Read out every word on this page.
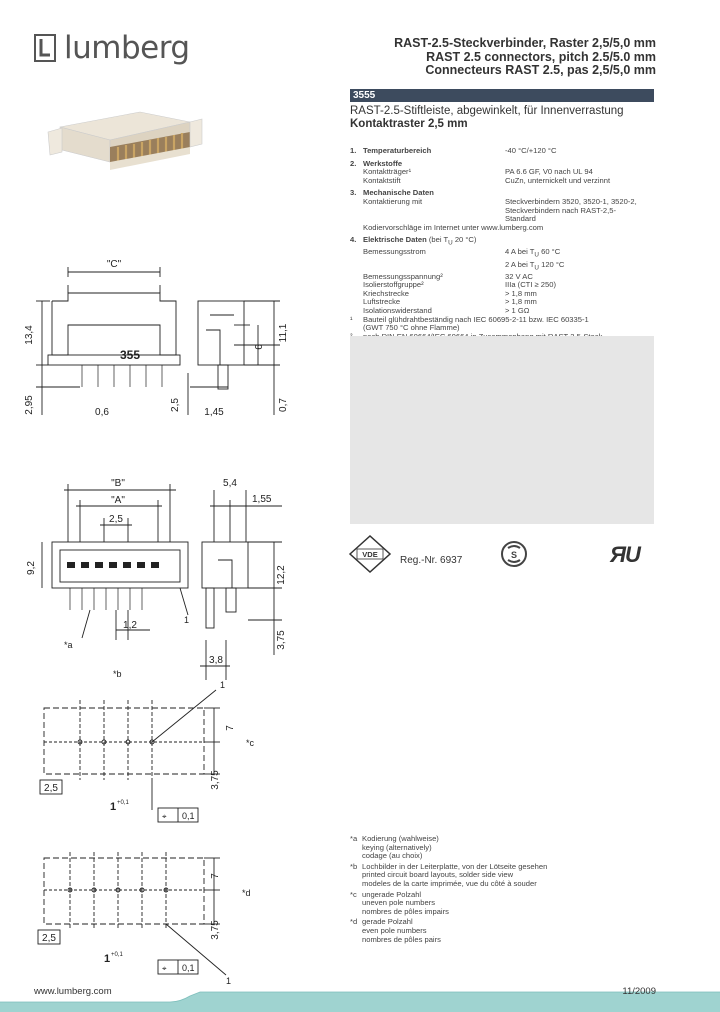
lumberg	RAST-2.5-Steckverbinder, Raster 2,5/5,0 mm
RAST 2.5 connectors, pitch 2.5/5.0 mm
Connecteurs RAST 2.5, pas 2,5/5,0 mm
3555
RAST-2.5-Stiftleiste, abgewinkelt, für Innenverrastung
Kontaktraster 2,5 mm
1. Temperaturbereich	-40 °C/+120 °C
2. Werkstoffe
Kontaktträger¹	PA 6.6 GF, V0 nach UL 94
Kontaktstift	CuZn, unternickelt und verzinnt
3. Mechanische Daten
Kontaktierung mit	Steckverbindern 3520, 3520-1, 3520-2,
Steckverbindern nach RAST-2,5-
Standard
Kodiervorschläge im Internet unter www.lumberg.com
4. Elektrische Daten (bei $T_U$ 20 °C)
Bemessungsstrom	4 A bei $T_U$ 60 °C
2 A bei $T_U$ 120 °C
Bemessungsspannung²	32 V AC
Isolierstoffgruppe²	IIIa (CTI ≥ 250)
Kriechstrecke	> 1,8 mm
Luftstrecke	> 1,8 mm
Isolationswiderstand	> 1 GΩ
¹	Bauteil glühdrahtbeständig nach IEC 60695-2-11 bzw. IEC 60335-1
(GWT 750 °C ohne Flamme)

VDE	S	Я
U
Reg.-Nr. 6937
13,4
2,95
"C"
0,6
355
2,5
1,45
11,1
6
0,7
"B"
"A"
2,5
9,2
1,2
*a
*b
1
5,4
1,55
12,2
3,75
3,8
7
3,75
2,5
*c
1
1 +0,1
⌖ 0,1
7
3,75
2,5
*d
1
1 +0,1
⌖ 0,1
*a Kodierung (wahlweise)
keying (alternatively)
codage (au choix)
*b Lochbilder in der Leiterplatte, von der Lötseite gesehen
printed circuit board layouts, solder side view
modeles de la carte imprimée, vue du côté à souder
*c ungerade Polzahl
uneven pole numbers
nombres de pôles impairs
*d gerade Polzahl
even pole numbers
nombres de pôles pairs
www.lumberg.com	11/2009
